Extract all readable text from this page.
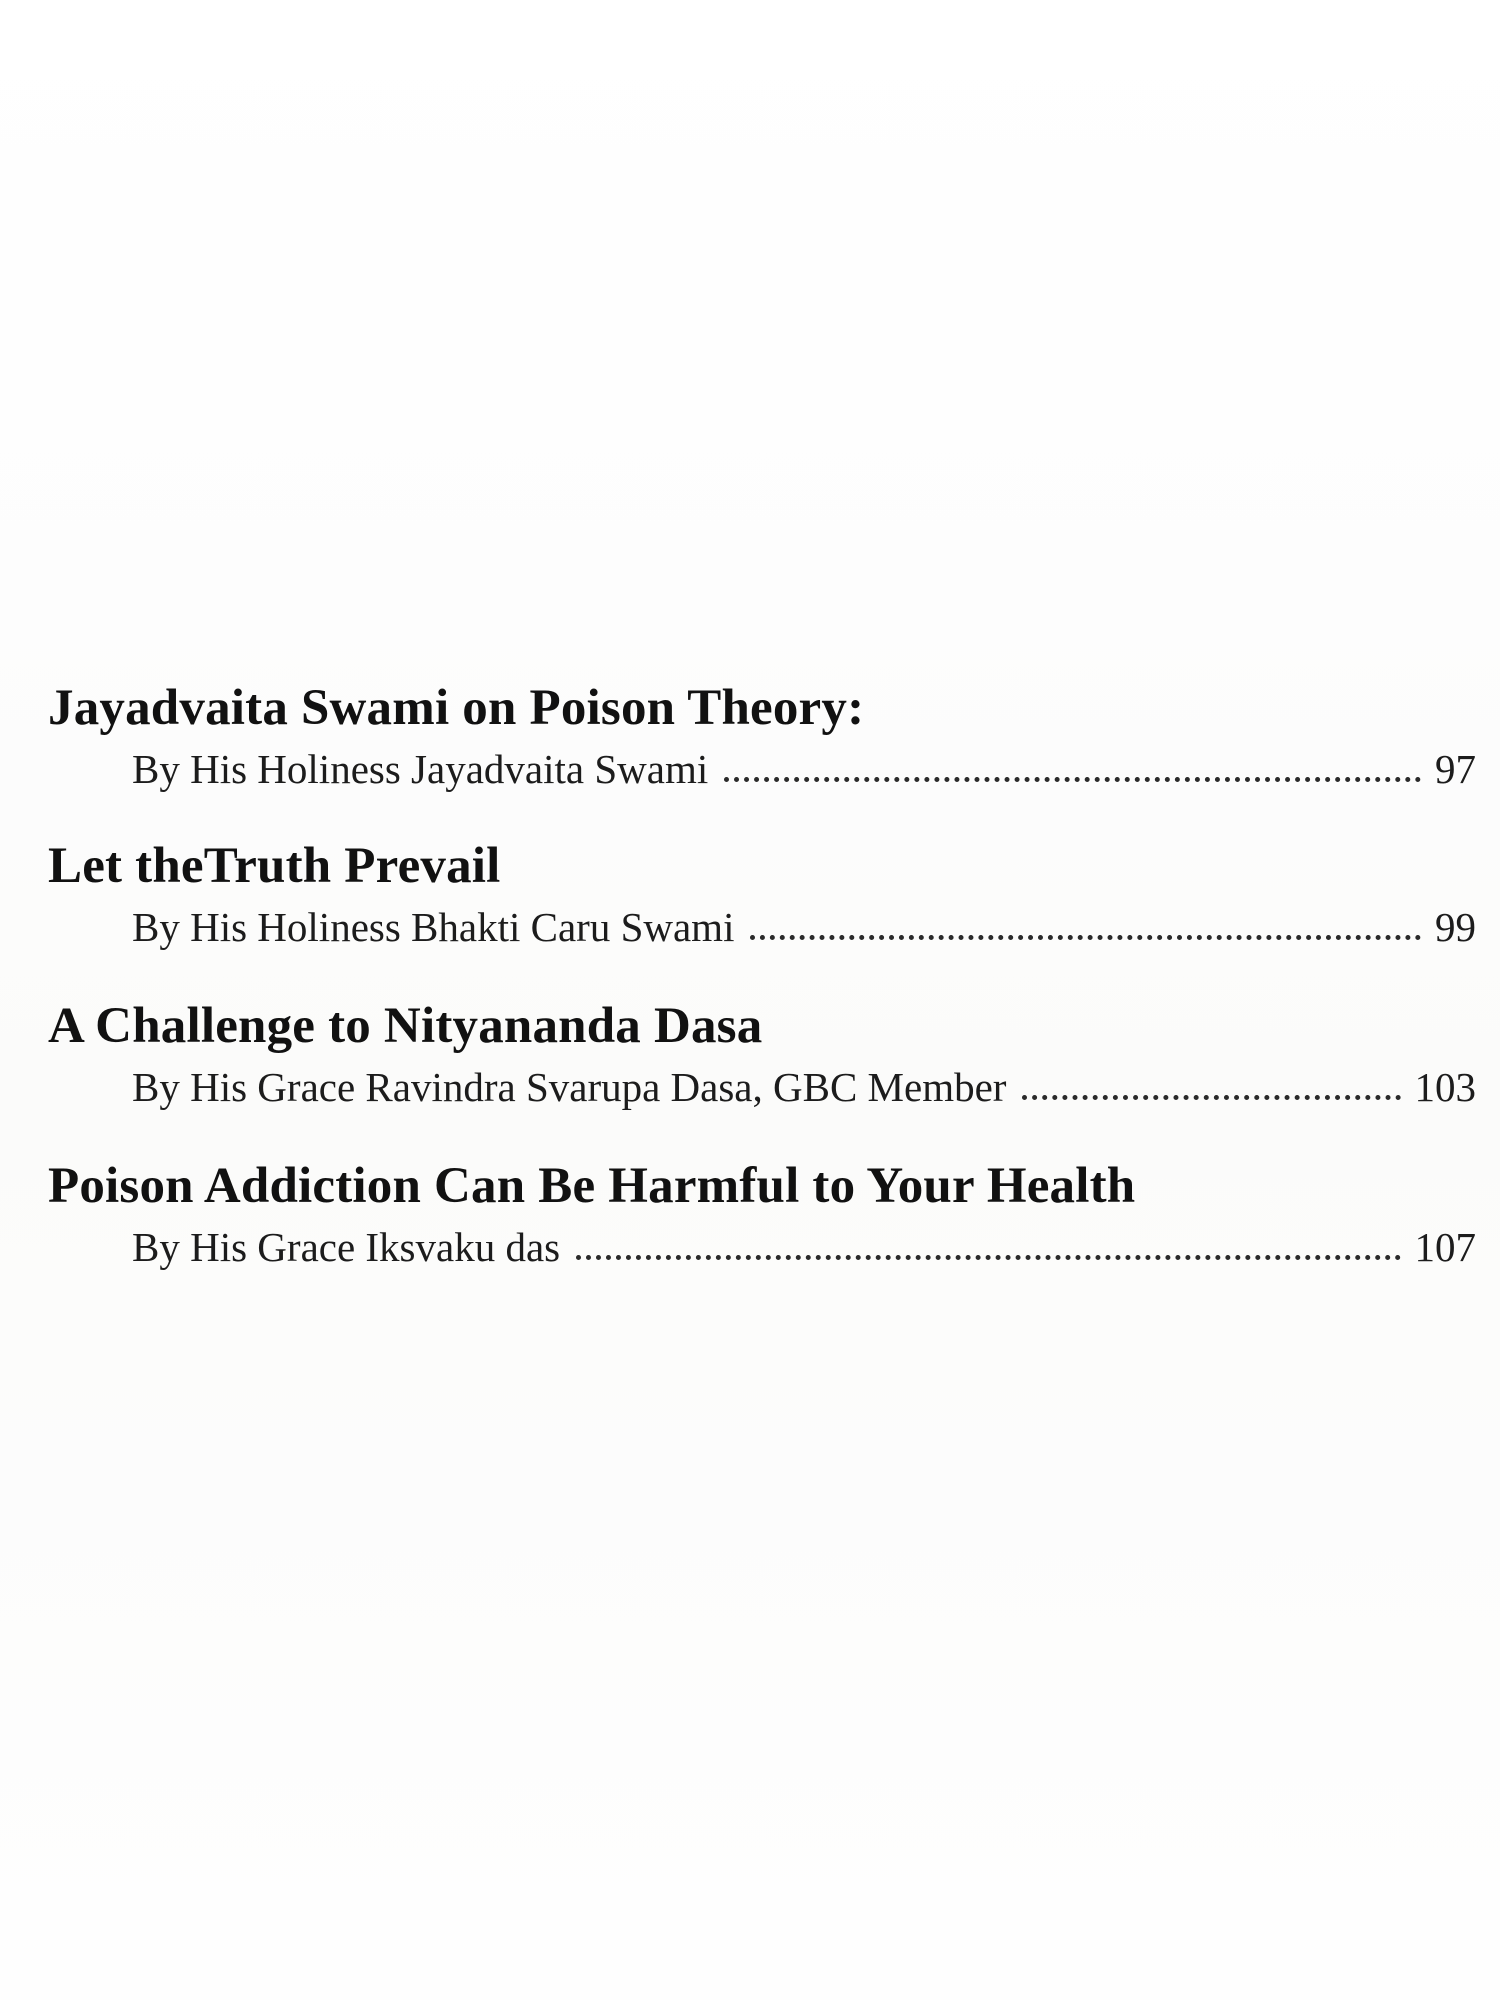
Jayadvaita Swami on Poison Theory:
By His Holiness Jayadvaita Swami	97
Let theTruth Prevail
By His Holiness Bhakti Caru Swami	99
A Challenge to Nityananda Dasa
By His Grace Ravindra Svarupa Dasa, GBC Member	103
Poison Addiction Can Be Harmful to Your Health
By His Grace Iksvaku das	107
